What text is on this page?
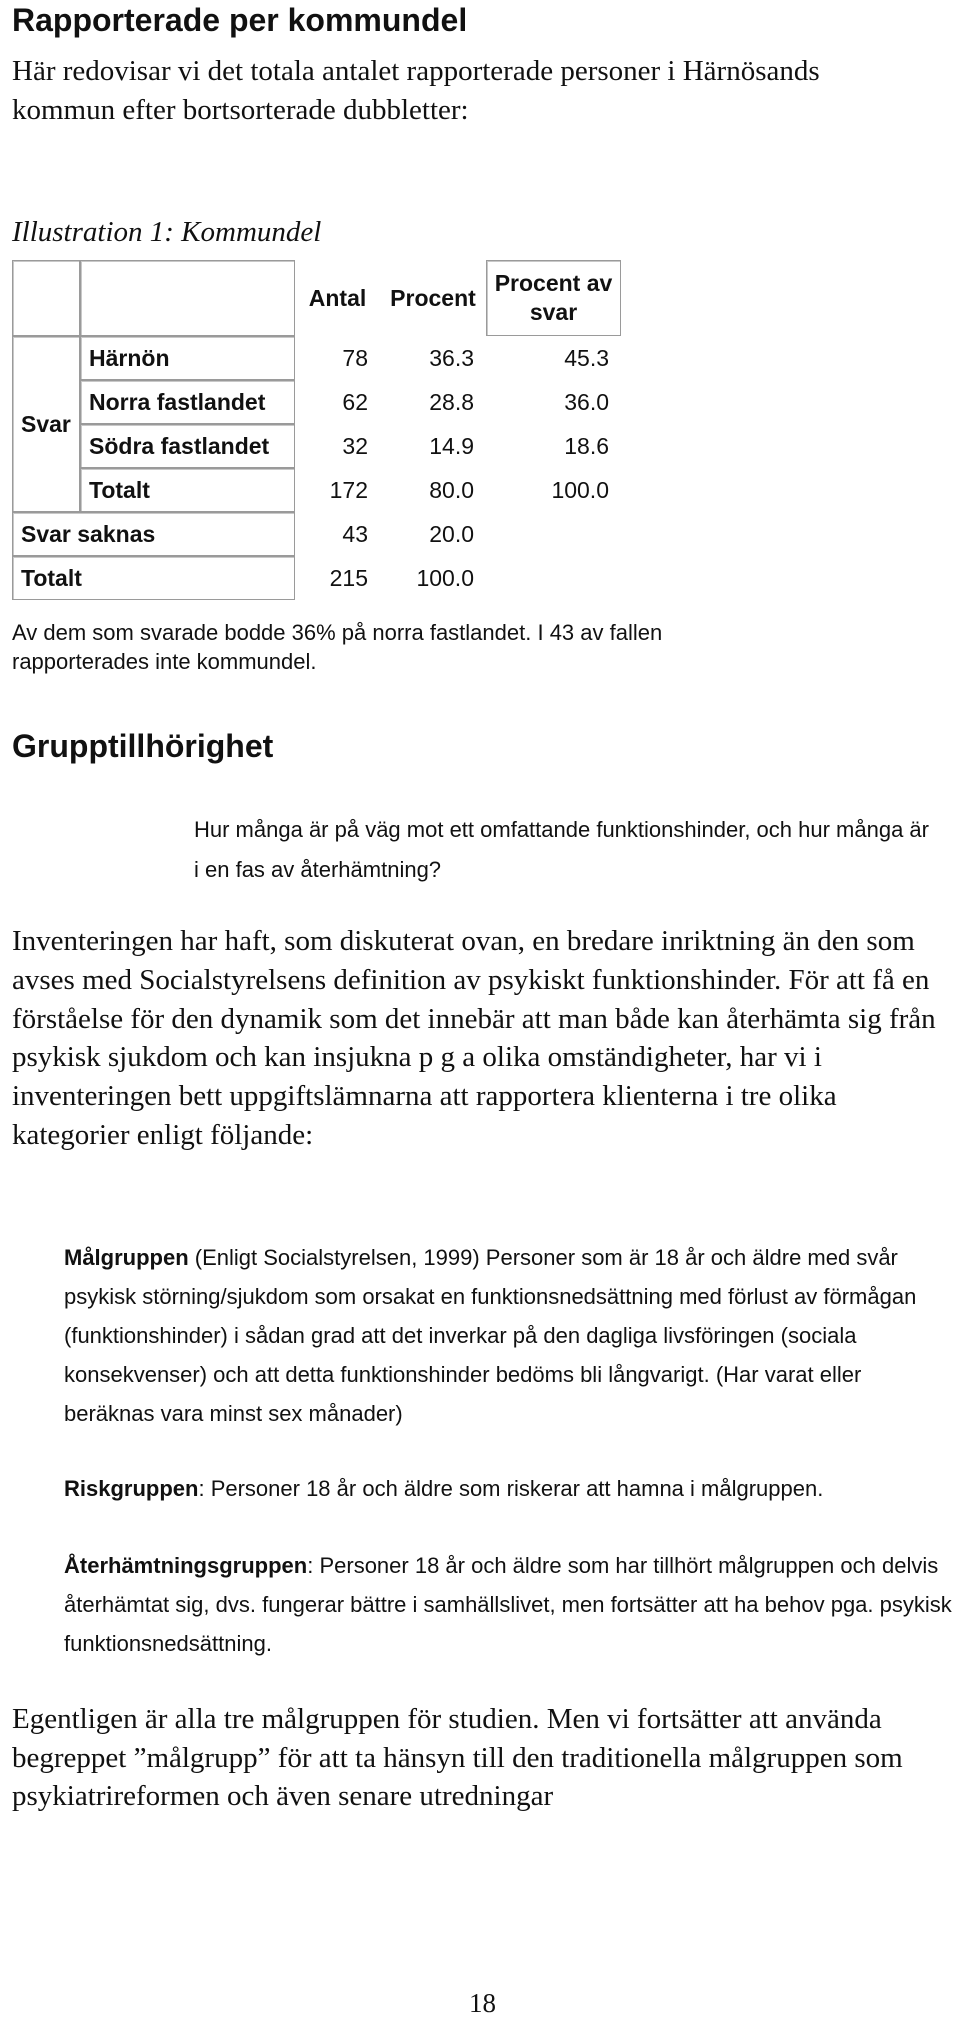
Rapporterade per kommundel
Här redovisar vi det totala antalet rapporterade personer i Härnösands kommun efter bortsorterade dubbletter:
Illustration 1: Kommundel
		Antal	Procent	Procent av svar
Svar	Härnön	78	36.3	45.3
	Norra fastlandet	62	28.8	36.0
	Södra fastlandet	32	14.9	18.6
	Totalt	172	80.0	100.0
Svar saknas		43	20.0	
Totalt		215	100.0	
Av dem som svarade bodde 36% på norra fastlandet. I 43 av fallen rapporterades inte kommundel.
Grupptillhörighet
Hur många är på väg mot ett omfattande funktionshinder, och hur många är i en fas av återhämtning?
Inventeringen har haft, som diskuterat ovan, en bredare inriktning än den som avses med Socialstyrelsens definition av psykiskt funktionshinder. För att få en förståelse för den dynamik som det innebär att man både kan återhämta sig från psykisk sjukdom och kan insjukna p g a olika omständigheter, har vi i inventeringen bett uppgiftslämnarna att rapportera klienterna i tre olika kategorier enligt följande:
Målgruppen (Enligt Socialstyrelsen, 1999) Personer som är 18 år och äldre med svår psykisk störning/sjukdom som orsakat en funktionsnedsättning med förlust av förmågan (funktionshinder) i sådan grad att det inverkar på den dagliga livsföringen (sociala konsekvenser) och att detta funktionshinder bedöms bli långvarigt. (Har varat eller beräknas vara minst sex månader)
Riskgruppen: Personer 18 år och äldre som riskerar att hamna i målgruppen.
Återhämtningsgruppen: Personer 18 år och äldre som har tillhört målgruppen och delvis återhämtat sig, dvs. fungerar bättre i samhällslivet, men fortsätter att ha behov pga. psykisk funktionsnedsättning.
Egentligen är alla tre målgruppen för studien. Men vi fortsätter att använda begreppet ”målgrupp” för att ta hänsyn till den traditionella målgruppen som psykiatrireformen och även senare utredningar
18
